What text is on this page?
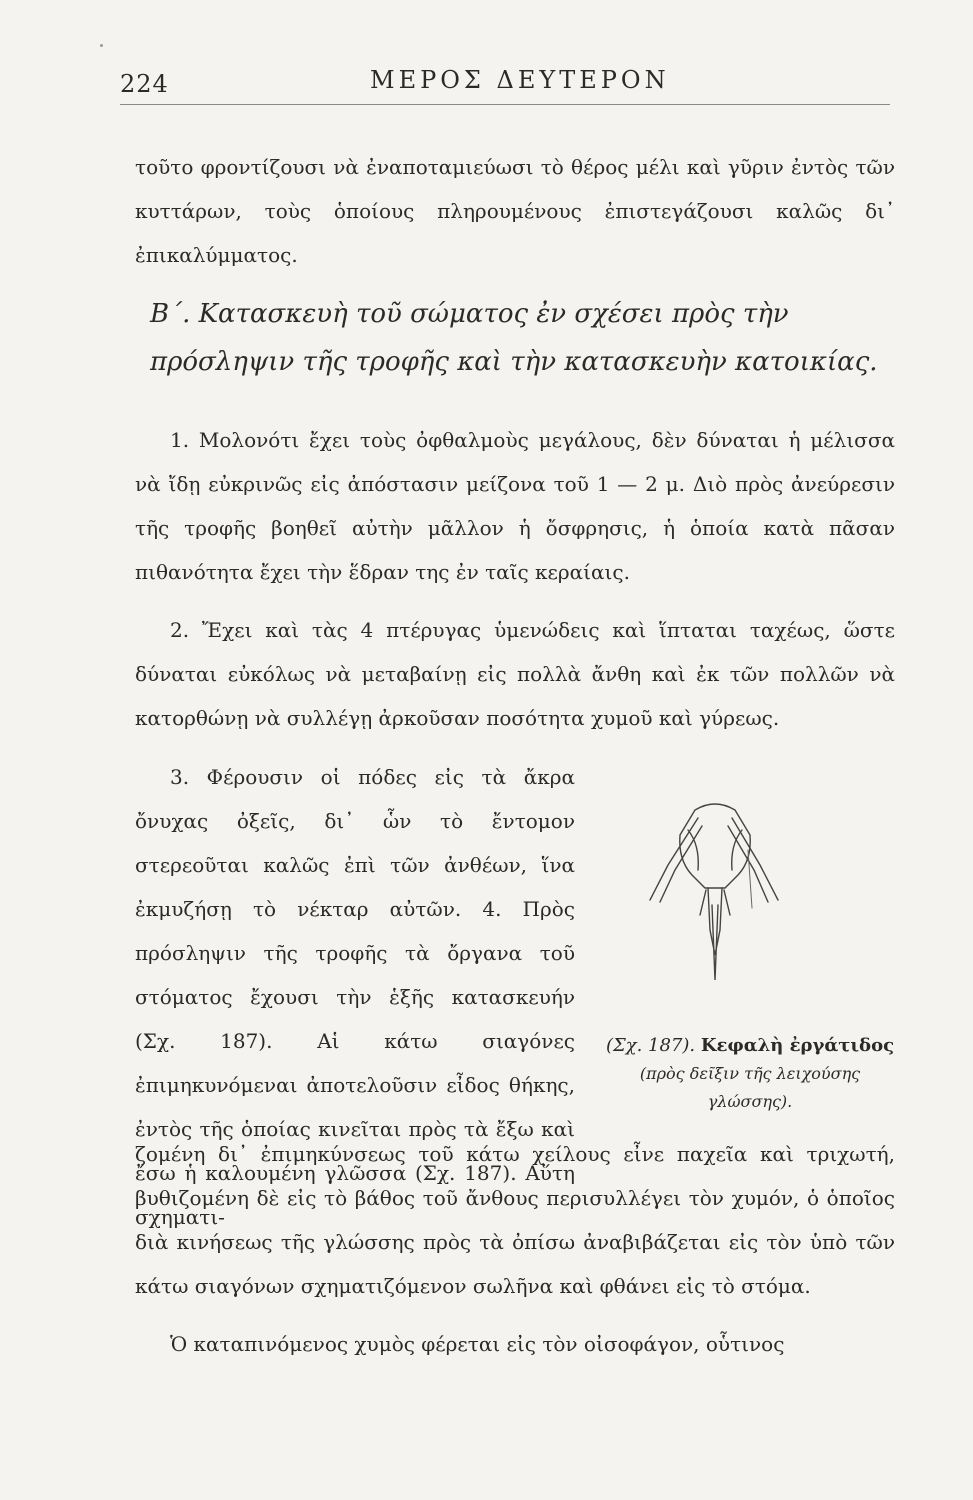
224	ΜΕΡΟΣ ΔΕΥΤΕΡΟΝ
τοῦτο φροντίζουσι νὰ ἐναποταμιεύωσι τὸ θέρος μέλι καὶ γῦριν ἐντὸς τῶν κυττάρων, τοὺς ὁποίους πληρουμένους ἐπιστεγάζουσι καλῶς δι᾽ ἐπικαλύμματος.
Β΄. Κατασκευὴ τοῦ σώματος ἐν σχέσει πρὸς τὴν πρόσληψιν τῆς τροφῆς καὶ τὴν κατασκευὴν κατοικίας.
1. Μολονότι ἔχει τοὺς ὀφθαλμοὺς μεγάλους, δὲν δύναται ἡ μέλισσα νὰ ἴδῃ εὐκρινῶς εἰς ἀπόστασιν μείζονα τοῦ 1 — 2 μ. Διὸ πρὸς ἀνεύρεσιν τῆς τροφῆς βοηθεῖ αὐτὴν μᾶλλον ἡ ὄσφρησις, ἡ ὁποία κατὰ πᾶσαν πιθανότητα ἔχει τὴν ἕδραν της ἐν ταῖς κεραίαις.
2. Ἔχει καὶ τὰς 4 πτέρυγας ὑμενώδεις καὶ ἵπταται ταχέως, ὥστε δύναται εὐκόλως νὰ μεταβαίνῃ εἰς πολλὰ ἄνθη καὶ ἐκ τῶν πολλῶν νὰ κατορθώνῃ νὰ συλλέγῃ ἀρκοῦσαν ποσότητα χυμοῦ καὶ γύρεως.
3. Φέρουσιν οἱ πόδες εἰς τὰ ἄκρα ὄνυχας ὀξεῖς, δι᾽ ὧν τὸ ἔντομον στερεοῦται καλῶς ἐπὶ τῶν ἀνθέων, ἵνα ἐκμυζήσῃ τὸ νέκταρ αὐτῶν. 4. Πρὸς πρόσληψιν τῆς τροφῆς τὰ ὄργανα τοῦ στόματος ἔχουσι τὴν ἑξῆς κατασκευήν (Σχ. 187). Αἱ κάτω σιαγόνες ἐπιμηκυνόμεναι ἀποτελοῦσιν εἶδος θήκης, ἐντὸς τῆς ὁποίας κινεῖται πρὸς τὰ ἔξω καὶ ἔσω ἡ καλουμένη γλῶσσα (Σχ. 187). Αὕτη σχηματι-
(Σχ. 187). Κεφαλὴ ἐργάτιδος (πρὸς δεῖξιν τῆς λειχούσης γλώσσης).
ζομένη δι᾽ ἐπιμηκύνσεως τοῦ κάτω χείλους εἶνε παχεῖα καὶ τριχωτή, βυθιζομένη δὲ εἰς τὸ βάθος τοῦ ἄνθους περισυλλέγει τὸν χυμόν, ὁ ὁποῖος διὰ κινήσεως τῆς γλώσσης πρὸς τὰ ὀπίσω ἀναβιβάζεται εἰς τὸν ὑπὸ τῶν κάτω σιαγόνων σχηματιζόμενον σωλῆνα καὶ φθάνει εἰς τὸ στόμα.
Ὁ καταπινόμενος χυμὸς φέρεται εἰς τὸν οἰσοφάγον, οὗτινος
